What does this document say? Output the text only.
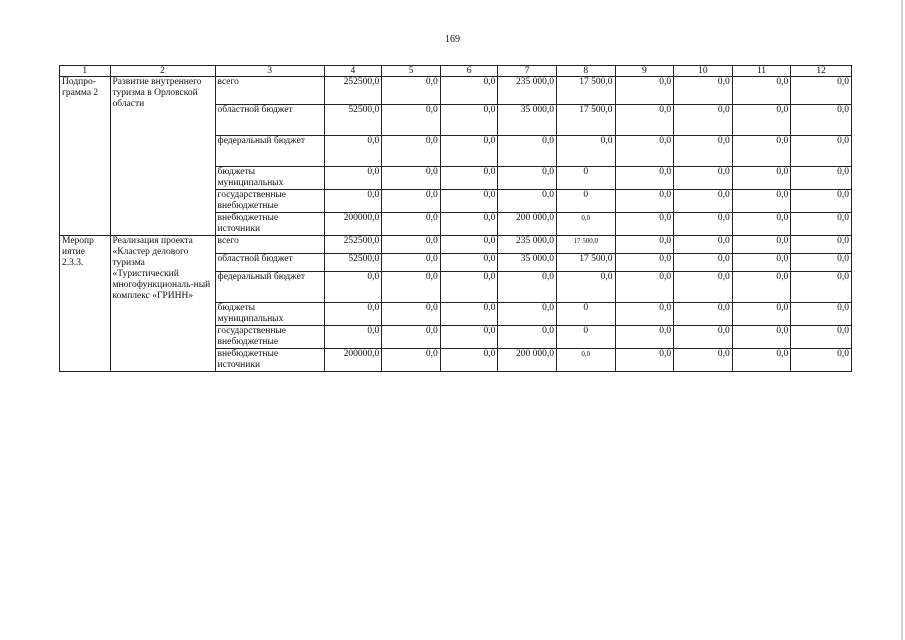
169
1	2	3	4	5	6	7	8	9	10	11	12
Подпро-грамма 2	Развитие внутреннего туризма в Орловской области	всего	252500,0	0,0	0,0	235 000,0	17 500,0	0,0	0,0	0,0	0,0
		областной бюджет	52500,0	0,0	0,0	35 000,0	17 500,0	0,0	0,0	0,0	0,0
		федеральный бюджет	0,0	0,0	0,0	0,0	0,0	0,0	0,0	0,0	0,0
		бюджеты муниципальных	0,0	0,0	0,0	0,0	0	0,0	0,0	0,0	0,0
		государственные внебюджетные	0,0	0,0	0,0	0,0	0	0,0	0,0	0,0	0,0
		внебюджетные источники	200000,0	0,0	0,0	200 000,0	0,0	0,0	0,0	0,0	0,0
Меропр иятие 2.3.3.	Реализация проекта «Кластер делового туризма «Туристический многофункциональ-ный комплекс «ГРИНН»	всего	252500,0	0,0	0,0	235 000,0	17 500,0	0,0	0,0	0,0	0,0
		областной бюджет	52500,0	0,0	0,0	35 000,0	17 500,0	0,0	0,0	0,0	0,0
		федеральный бюджет	0,0	0,0	0,0	0,0	0,0	0,0	0,0	0,0	0,0
		бюджеты муниципальных	0,0	0,0	0,0	0,0	0	0,0	0,0	0,0	0,0
		государственные внебюджетные	0,0	0,0	0,0	0,0	0	0,0	0,0	0,0	0,0
		внебюджетные источники	200000,0	0,0	0,0	200 000,0	0,0	0,0	0,0	0,0	0,0
